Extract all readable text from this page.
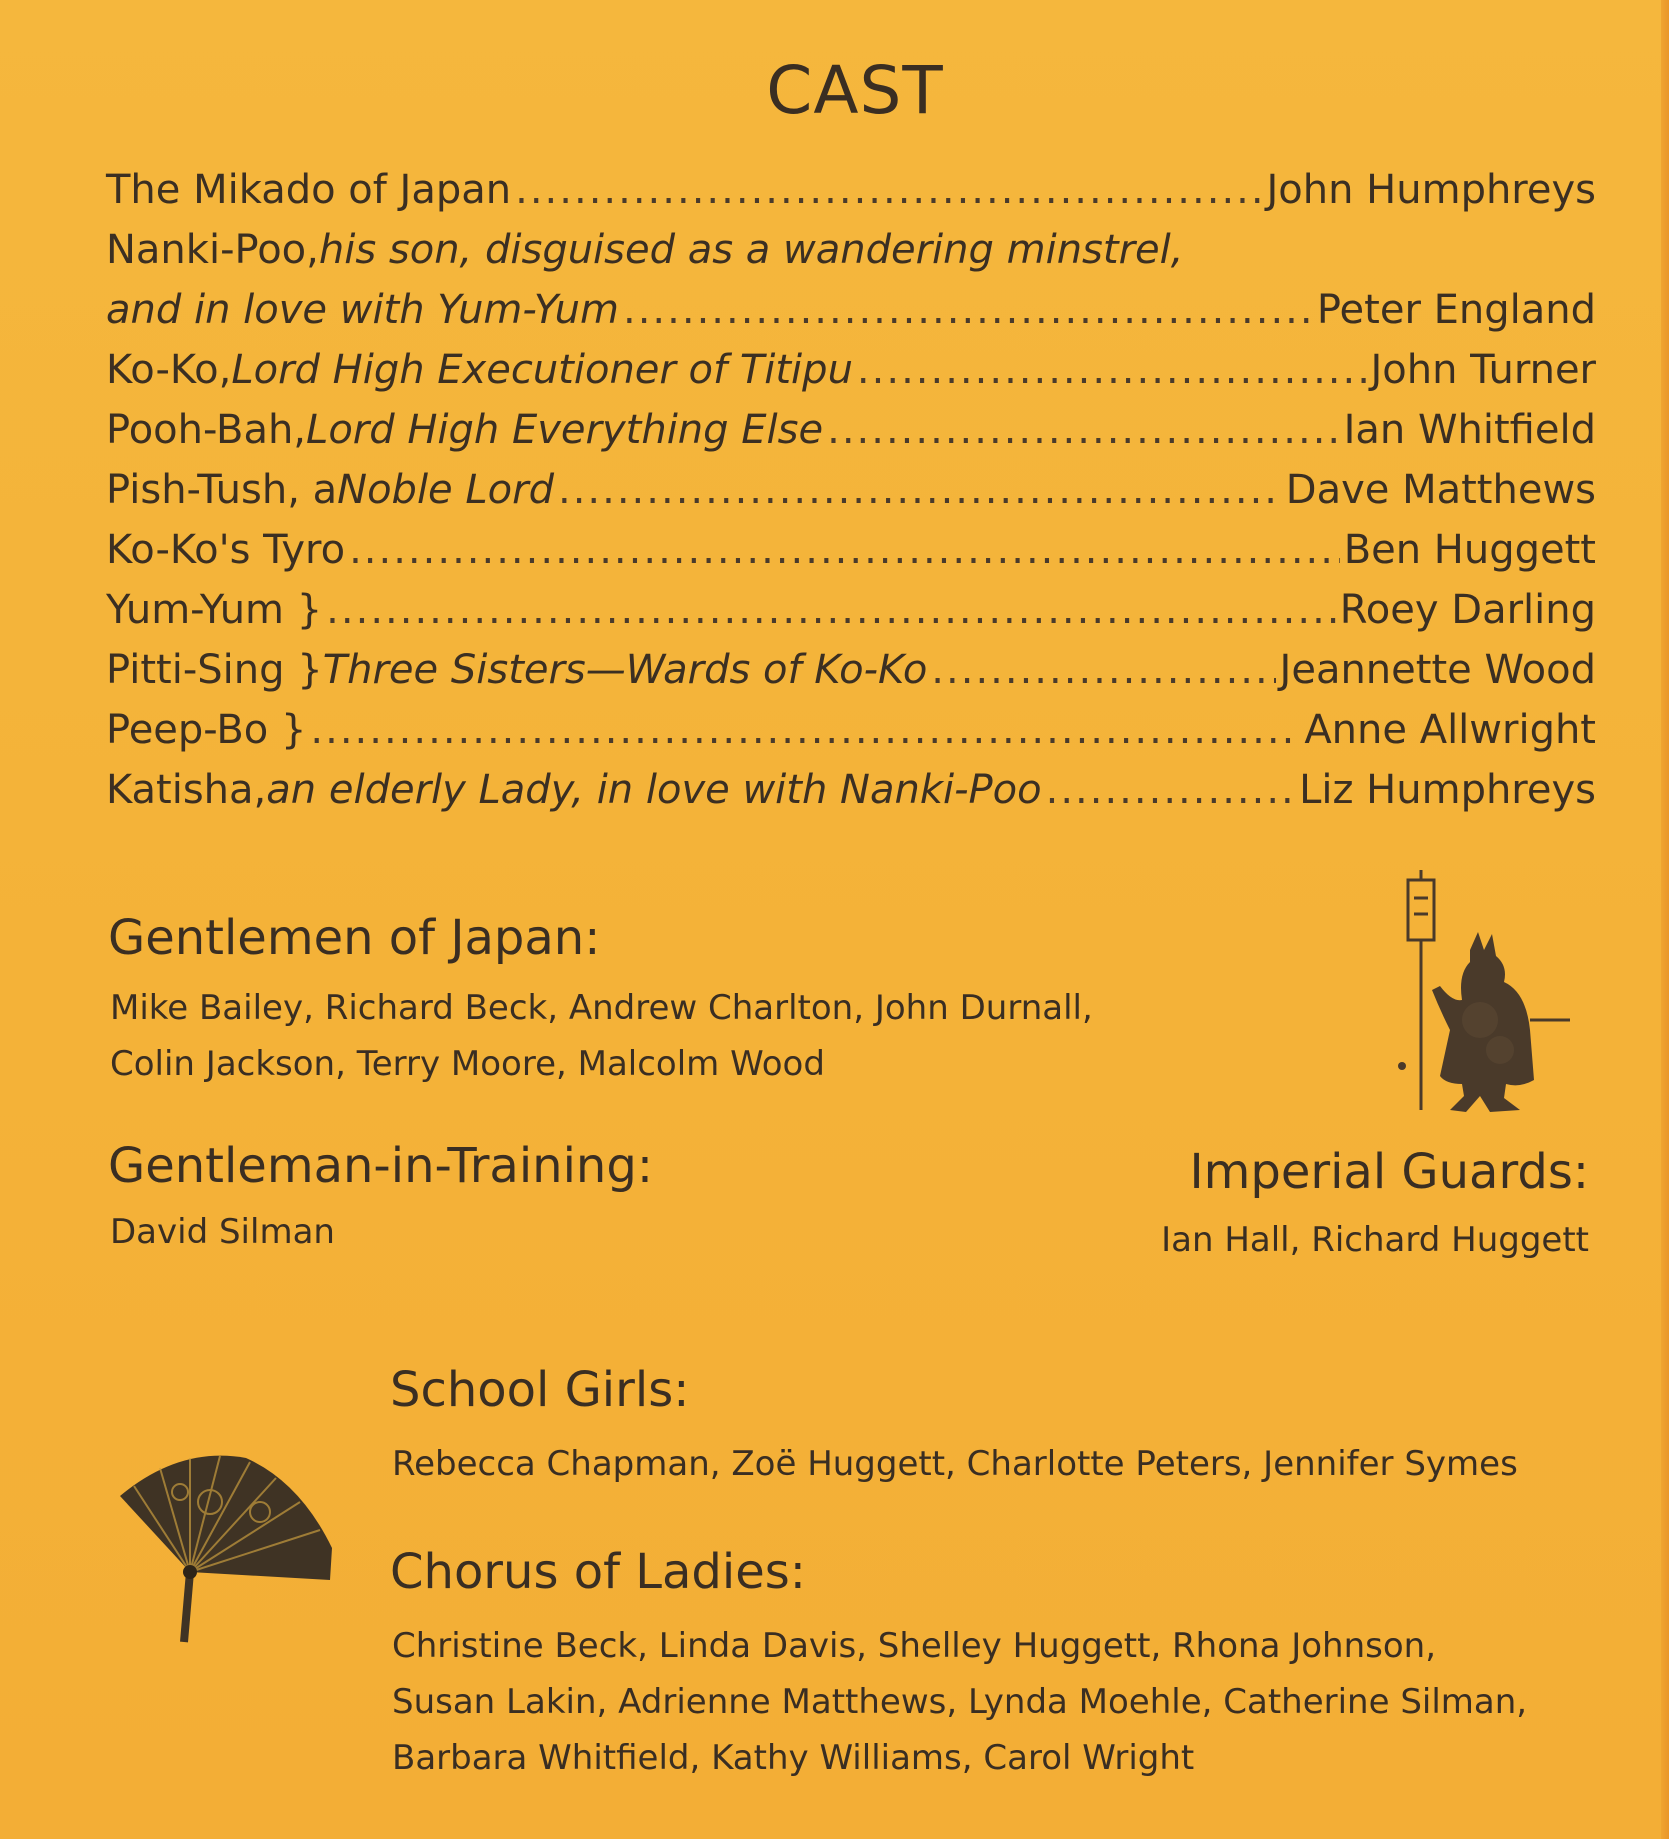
CAST
The Mikado of Japan .....	John Humphreys
Nanki-Poo, his son, disguised as a wandering minstrel,
and in love with Yum-Yum .....	Peter England
Ko-Ko, Lord High Executioner of Titipu .....	John Turner
Pooh-Bah, Lord High Everything Else .....	Ian Whitfield
Pish-Tush, a Noble Lord .....	Dave Matthews
Ko-Ko's Tyro .....	Ben Huggett
Yum-Yum } .....	Roey Darling
Pitti-Sing } Three Sisters—Wards of Ko-Ko .....	Jeannette Wood
Peep-Bo } .....	Anne Allwright
Katisha, an elderly Lady, in love with Nanki-Poo .....	Liz Humphreys
Gentlemen of Japan:
Mike Bailey, Richard Beck, Andrew Charlton, John Durnall,
Colin Jackson, Terry Moore, Malcolm Wood
Gentleman-in-Training:
David Silman
Imperial Guards:
Ian Hall, Richard Huggett
School Girls:
Rebecca Chapman, Zoë Huggett, Charlotte Peters, Jennifer Symes
Chorus of Ladies:
Christine Beck, Linda Davis, Shelley Huggett, Rhona Johnson,
Susan Lakin, Adrienne Matthews, Lynda Moehle, Catherine Silman,
Barbara Whitfield, Kathy Williams, Carol Wright
